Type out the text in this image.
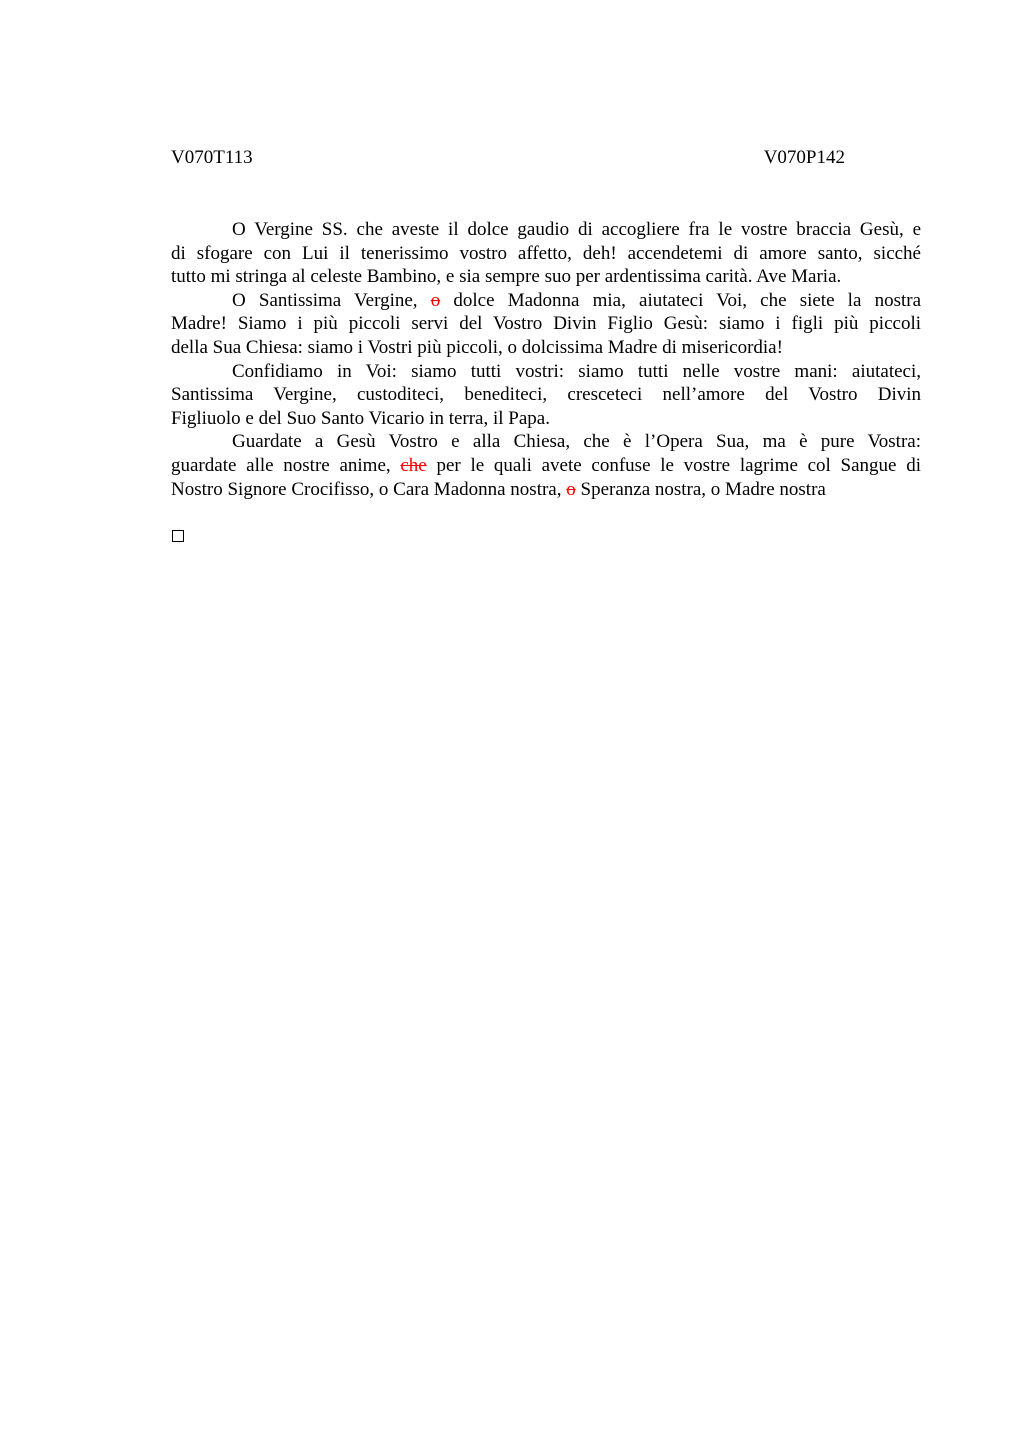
V070T113	V070P142

O Vergine SS. che aveste il dolce gaudio di accogliere fra le vostre braccia Gesù, e
di sfogare con Lui il tenerissimo vostro affetto, deh! accendetemi di amore santo, sicché
tutto mi stringa al celeste Bambino, e sia sempre suo per ardentissima carità. Ave Maria.

O Santissima Vergine, o dolce Madonna mia, aiutateci Voi, che siete la nostra
Madre! Siamo i più piccoli servi del Vostro Divin Figlio Gesù: siamo i figli più piccoli
della Sua Chiesa: siamo i Vostri più piccoli, o dolcissima Madre di misericordia!

Confidiamo in Voi: siamo tutti vostri: siamo tutti nelle vostre mani: aiutateci,
Santissima Vergine, custoditeci, benediteci, cresceteci nell’amore del Vostro Divin
Figliuolo e del Suo Santo Vicario in terra, il Papa.

Guardate a Gesù Vostro e alla Chiesa, che è l’Opera Sua, ma è pure Vostra:
guardate alle nostre anime, che per le quali avete confuse le vostre lagrime col Sangue di
Nostro Signore Crocifisso, o Cara Madonna nostra, o Speranza nostra, o Madre nostra
